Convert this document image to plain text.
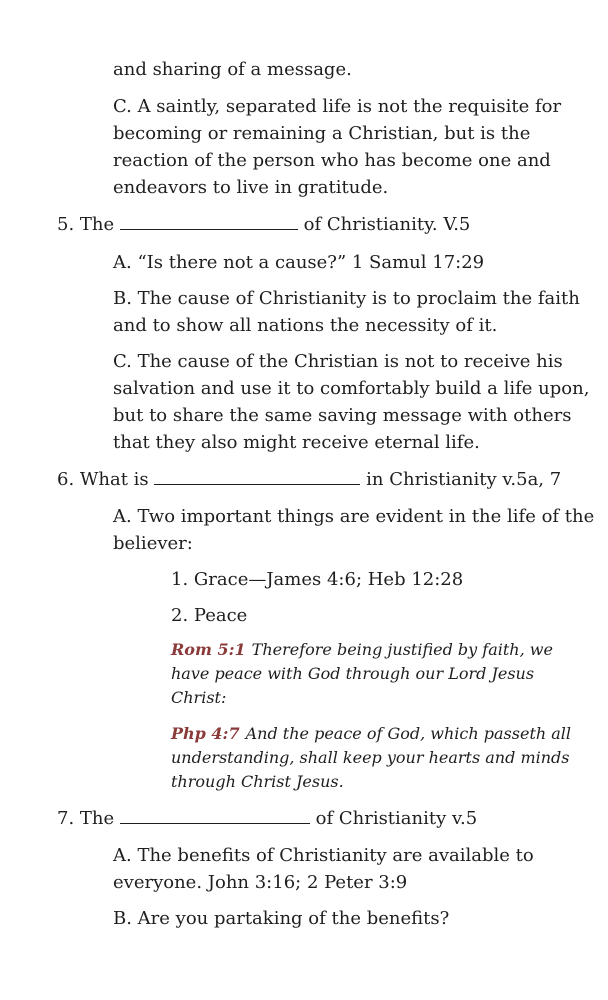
and sharing of a message.

C. A saintly, separated life is not the requisite for

becoming or remaining a Christian, but is the

reaction of the person who has become one and

endeavors to live in gratitude.

5. The	of Christianity. V.5

A. “Is there not a cause?” 1 Samul 17:29

B. The cause of Christianity is to proclaim the faith

and to show all nations the necessity of it.

C. The cause of the Christian is not to receive his

salvation and use it to comfortably build a life upon,

but to share the same saving message with others

that they also might receive eternal life.

6. What is	in Christianity v.5a, 7

A. Two important things are evident in the life of the

believer:

1. Grace—James 4:6; Heb 12:28

2. Peace

Rom 5:1 Therefore being justified by faith, we

have peace with God through our Lord Jesus

Christ:

Php 4:7 And the peace of God, which passeth all

understanding, shall keep your hearts and minds

through Christ Jesus.

7. The	of Christianity v.5

A. The benefits of Christianity are available to

everyone. John 3:16; 2 Peter 3:9

B. Are you partaking of the benefits?
